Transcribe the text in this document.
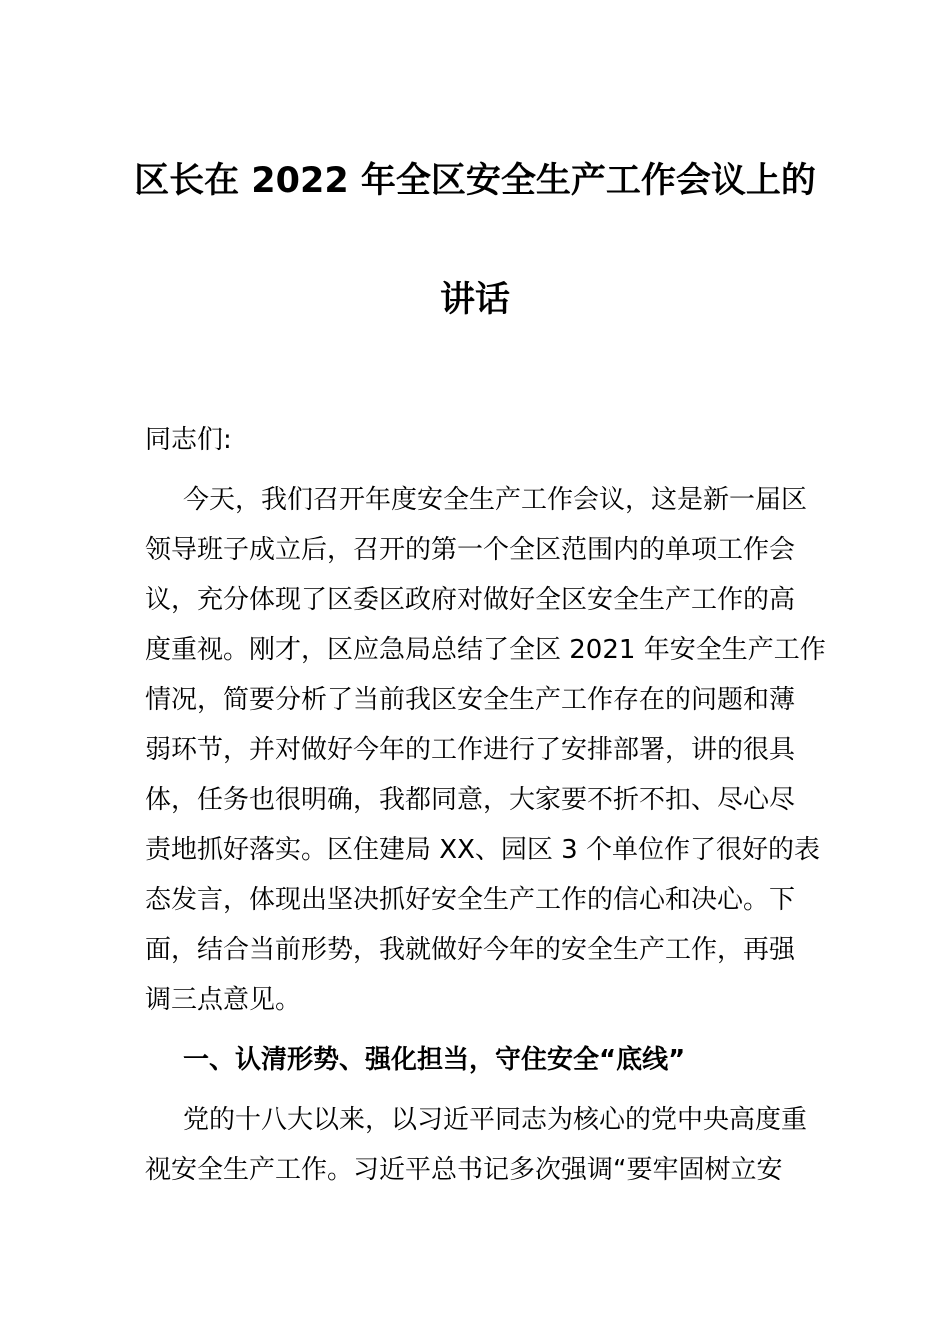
区长在 2022 年全区安全生产工作会议上的
讲话
同志们:
今天，我们召开年度安全生产工作会议，这是新一届区
领导班子成立后，召开的第一个全区范围内的单项工作会
议，充分体现了区委区政府对做好全区安全生产工作的高
度重视。刚才，区应急局总结了全区 2021 年安全生产工作
情况，简要分析了当前我区安全生产工作存在的问题和薄
弱环节，并对做好今年的工作进行了安排部署，讲的很具
体，任务也很明确，我都同意，大家要不折不扣、尽心尽
责地抓好落实。区住建局 XX、园区 3 个单位作了很好的表
态发言，体现出坚决抓好安全生产工作的信心和决心。下
面，结合当前形势，我就做好今年的安全生产工作，再强
调三点意见。
一、认清形势、强化担当，守住安全“底线”
党的十八大以来，以习近平同志为核心的党中央高度重
视安全生产工作。习近平总书记多次强调“要牢固树立安
